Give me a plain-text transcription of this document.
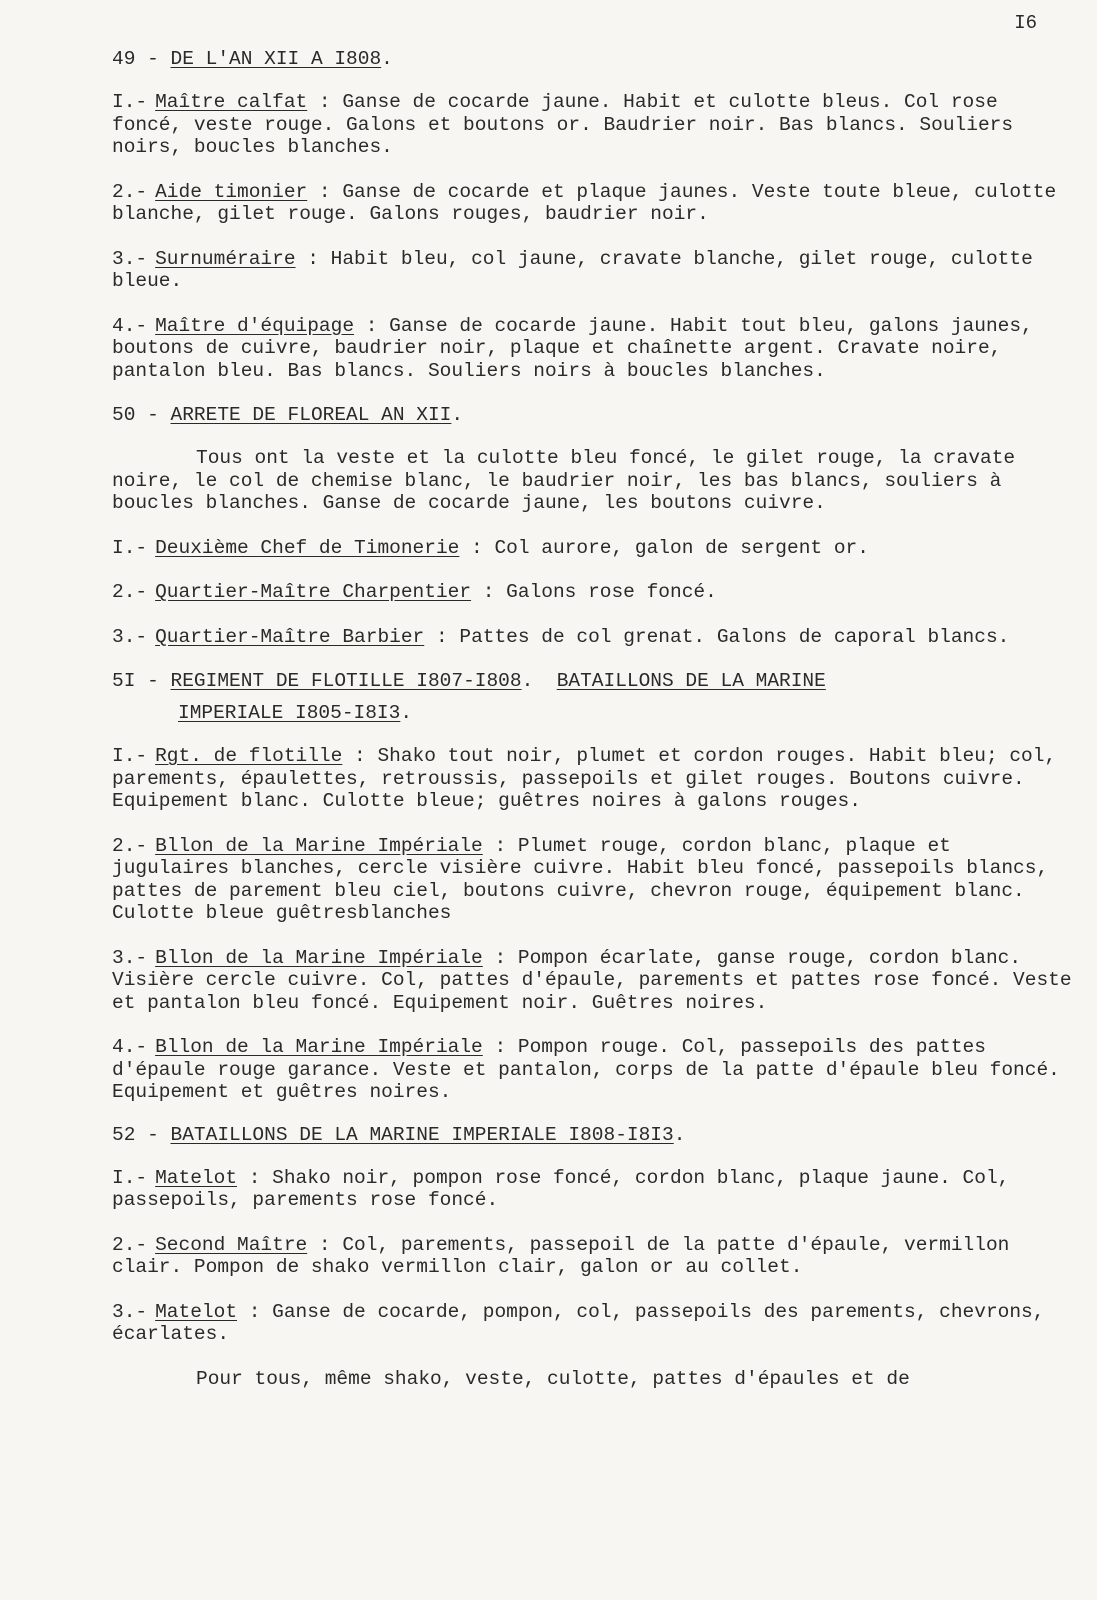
I6
49 - DE L'AN XII A I808.

I.- Maître calfat : Ganse de cocarde jaune. Habit et culotte bleus. Col rose foncé, veste rouge. Galons et boutons or. Baudrier noir. Bas blancs. Souliers noirs, boucles blanches.

2.- Aide timonier : Ganse de cocarde et plaque jaunes. Veste toute bleue, culotte blanche, gilet rouge. Galons rouges, baudrier noir.

3.- Surnuméraire : Habit bleu, col jaune, cravate blanche, gilet rouge, culotte bleue.

4.- Maître d'équipage : Ganse de cocarde jaune. Habit tout bleu, galons jaunes, boutons de cuivre, baudrier noir, plaque et chaînette argent. Cravate noire, pantalon bleu. Bas blancs. Souliers noirs à boucles blanches.

50 - ARRETE DE FLOREAL AN XII.

Tous ont la veste et la culotte bleu foncé, le gilet rouge, la cravate noire, le col de chemise blanc, le baudrier noir, les bas blancs, souliers à boucles blanches. Ganse de cocarde jaune, les boutons cuivre.

I.- Deuxième Chef de Timonerie : Col aurore, galon de sergent or.

2.- Quartier-Maître Charpentier : Galons rose foncé.

3.- Quartier-Maître Barbier : Pattes de col grenat. Galons de caporal blancs.

5I - REGIMENT DE FLOTILLE I807-I808.  BATAILLONS DE LA MARINE
IMPERIALE I805-I8I3.

I.- Rgt. de flotille : Shako tout noir, plumet et cordon rouges. Habit bleu; col, parements, épaulettes, retroussis, passepoils et gilet rouges. Boutons cuivre. Equipement blanc. Culotte bleue; guêtres noires à galons rouges.

2.- Bllon de la Marine Impériale : Plumet rouge, cordon blanc, plaque et jugulaires blanches, cercle visière cuivre. Habit bleu foncé, passepoils blancs, pattes de parement bleu ciel, boutons cuivre, chevron rouge, équipement blanc. Culotte bleue guêtresblanches

3.- Bllon de la Marine Impériale : Pompon écarlate, ganse rouge, cordon blanc. Visière cercle cuivre. Col, pattes d'épaule, parements et pattes rose foncé. Veste et pantalon bleu foncé. Equipement noir. Guêtres noires.

4.- Bllon de la Marine Impériale : Pompon rouge. Col, passepoils des pattes d'épaule rouge garance. Veste et pantalon, corps de la patte d'épaule bleu foncé. Equipement et guêtres noires.

52 - BATAILLONS DE LA MARINE IMPERIALE I808-I8I3.

I.- Matelot : Shako noir, pompon rose foncé, cordon blanc, plaque jaune. Col, passepoils, parements rose foncé.

2.- Second Maître : Col, parements, passepoil de la patte d'épaule, vermillon clair. Pompon de shako vermillon clair, galon or au collet.

3.- Matelot : Ganse de cocarde, pompon, col, passepoils des parements, chevrons, écarlates.

Pour tous, même shako, veste, culotte, pattes d'épaules et de
